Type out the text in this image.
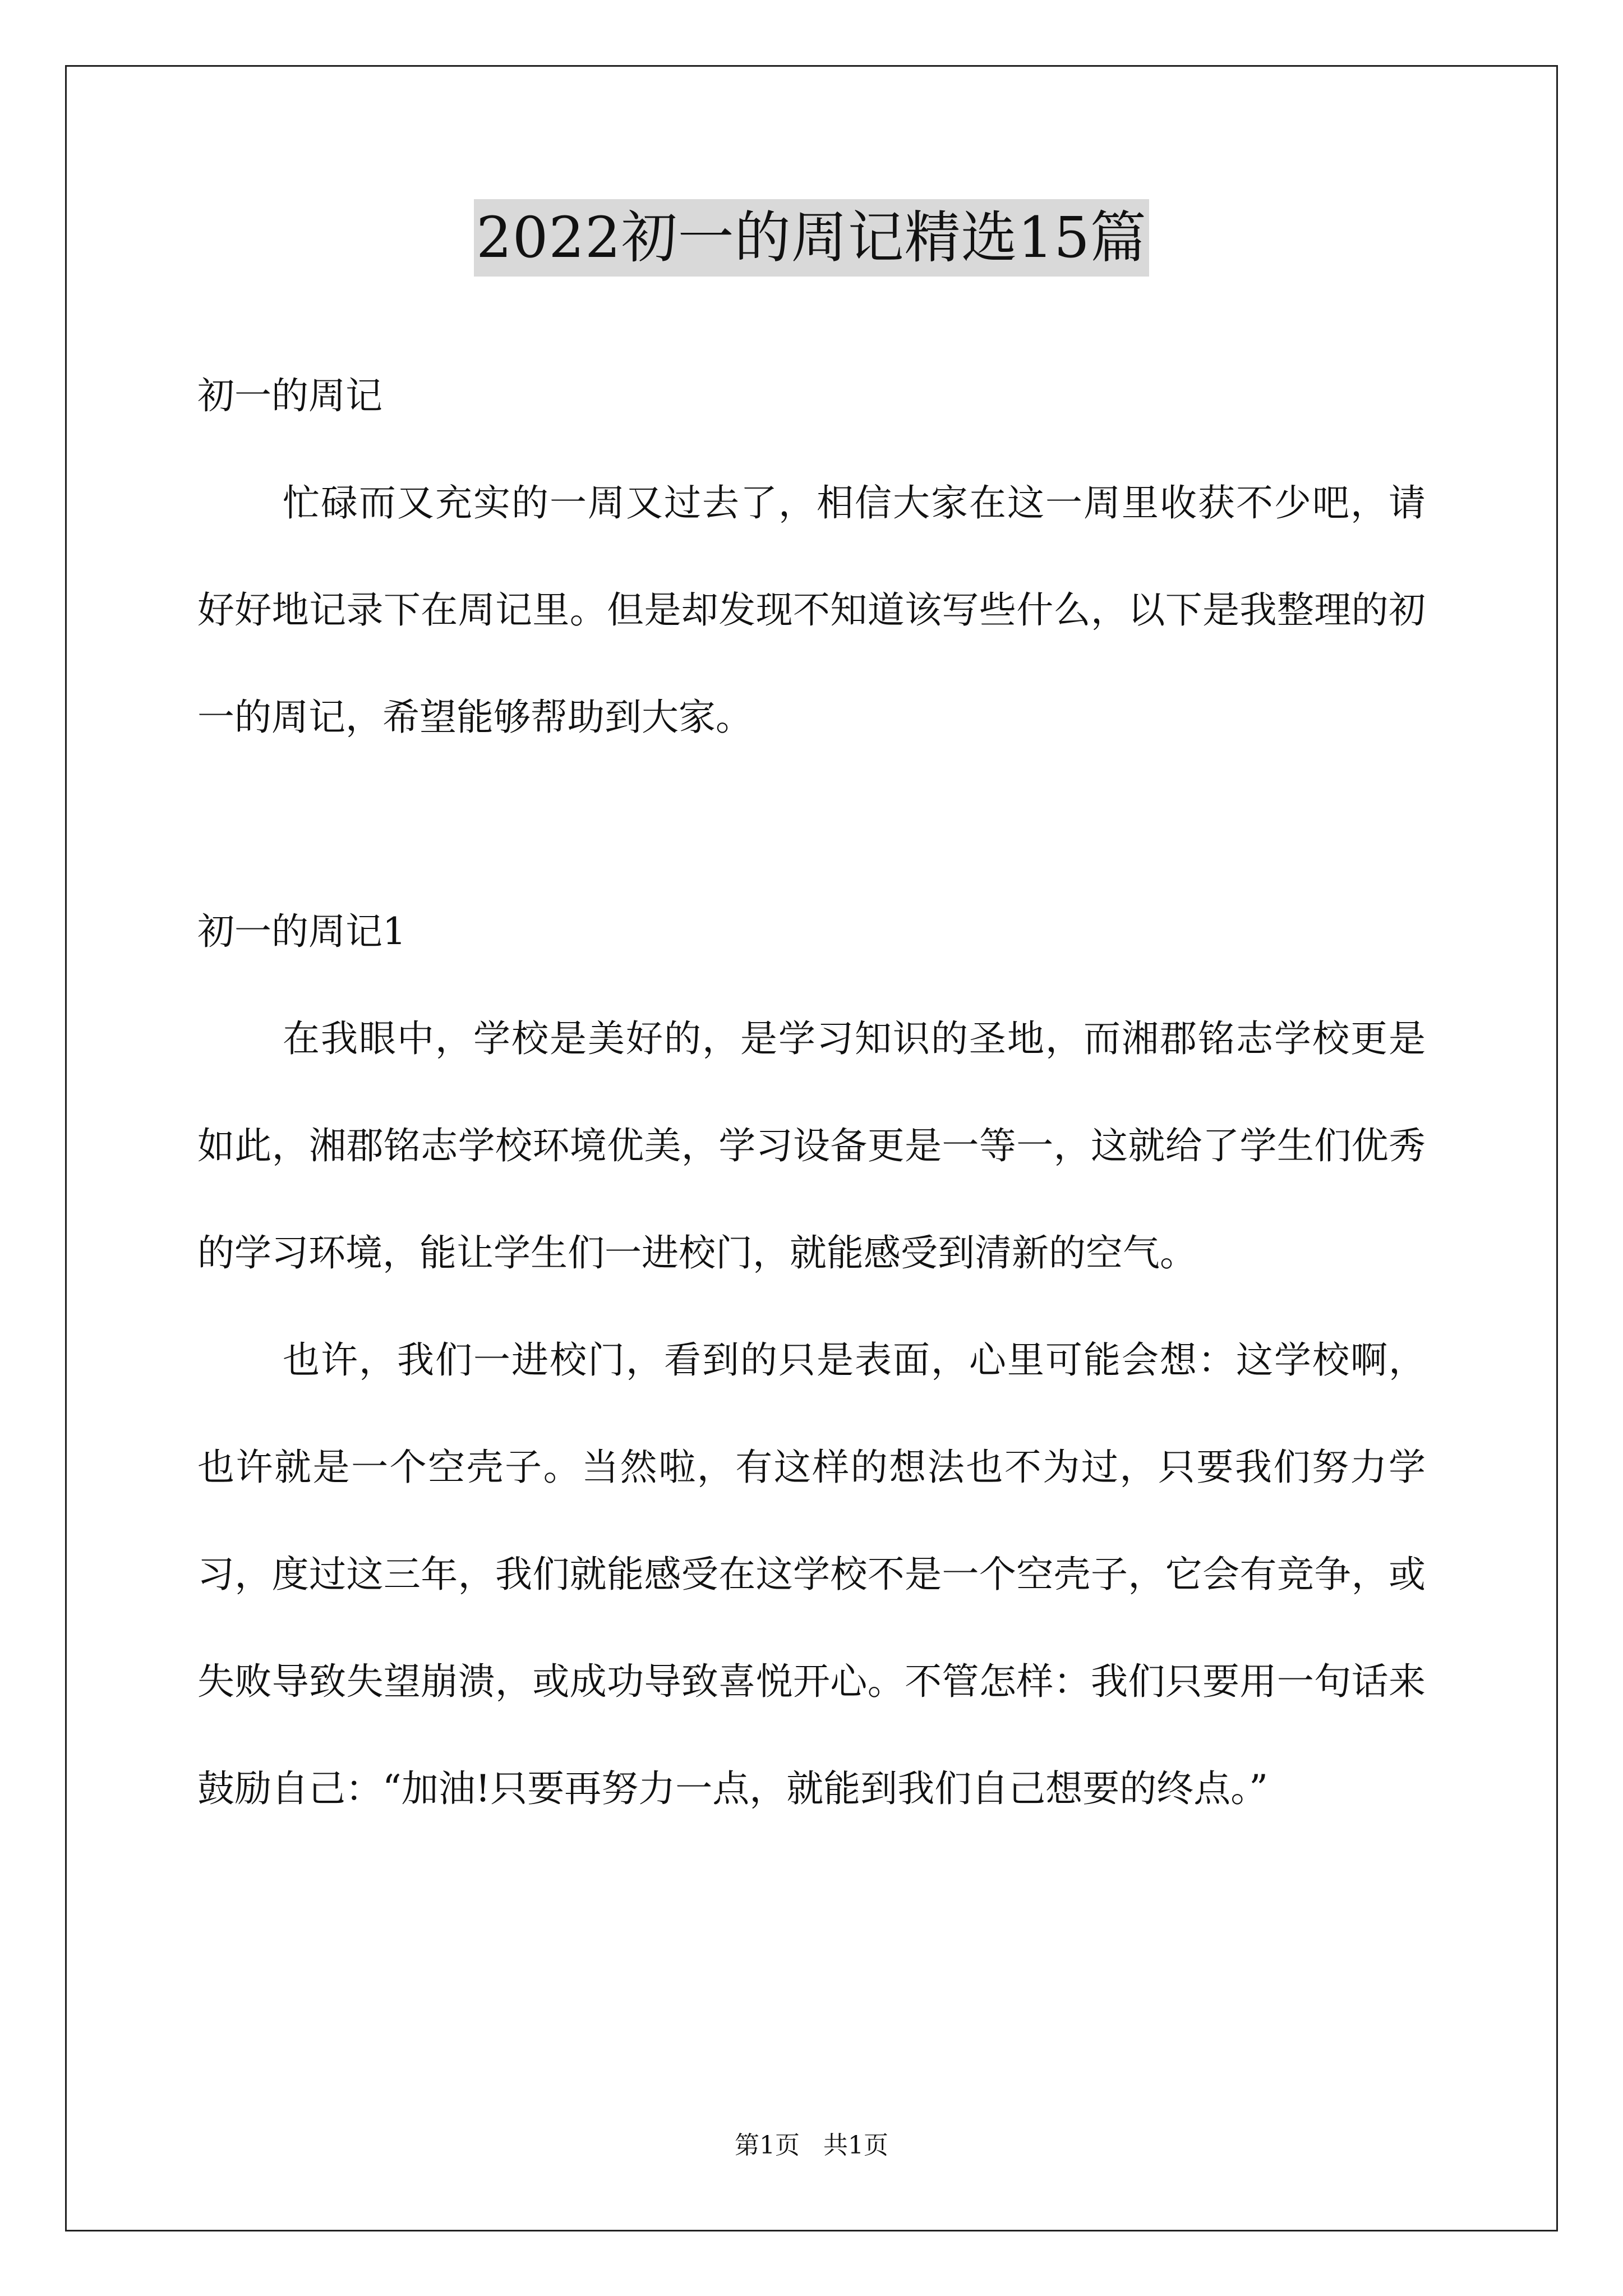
2022初一的周记精选15篇

初一的周记

忙碌而又充实的一周又过去了，相信大家在这一周里收获不少吧，请好好地记录下在周记里。但是却发现不知道该写些什么，以下是我整理的初一的周记，希望能够帮助到大家。

初一的周记1

在我眼中，学校是美好的，是学习知识的圣地，而湘郡铭志学校更是如此，湘郡铭志学校环境优美，学习设备更是一等一，这就给了学生们优秀的学习环境，能让学生们一进校门，就能感受到清新的空气。

也许，我们一进校门，看到的只是表面，心里可能会想：这学校啊，也许就是一个空壳子。当然啦，有这样的想法也不为过，只要我们努力学习，度过这三年，我们就能感受在这学校不是一个空壳子，它会有竞争，或失败导致失望崩溃，或成功导致喜悦开心。不管怎样：我们只要用一句话来鼓励自己：“加油!只要再努力一点，就能到我们自己想要的终点。”

第1页   共1页
